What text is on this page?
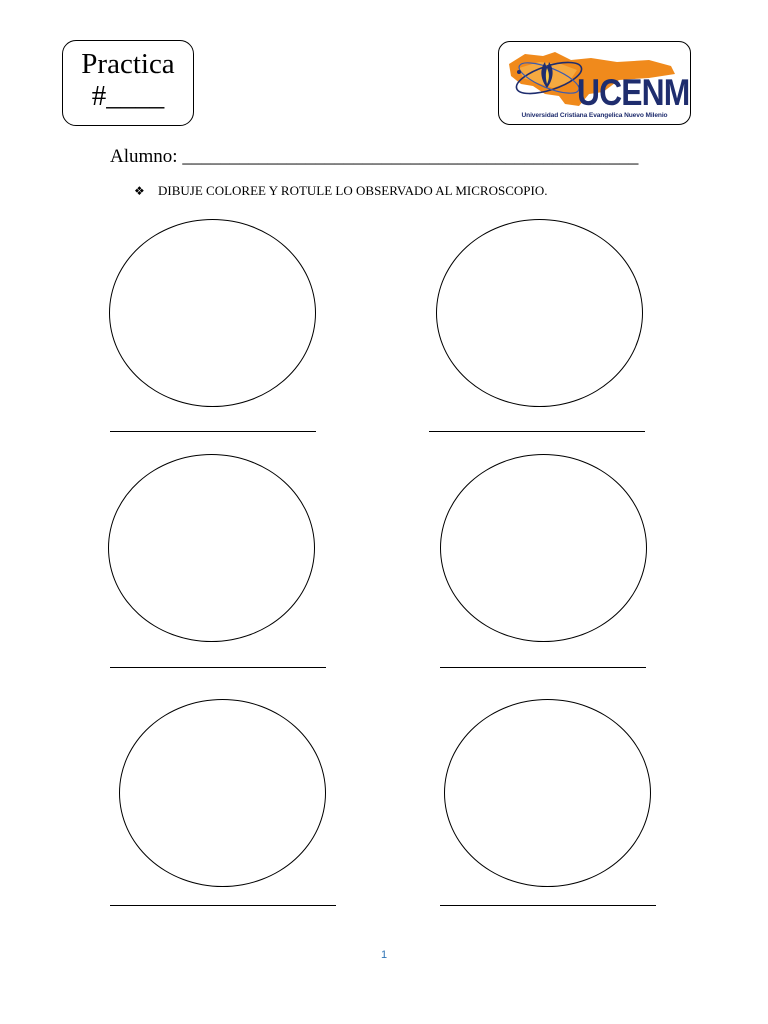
Practica
#____	UCENM
Universidad Cristiana Evangelica Nuevo Milenio
Alumno: ________________________________________________
❖ DIBUJE COLOREE Y ROTULE LO OBSERVADO AL MICROSCOPIO.
1
